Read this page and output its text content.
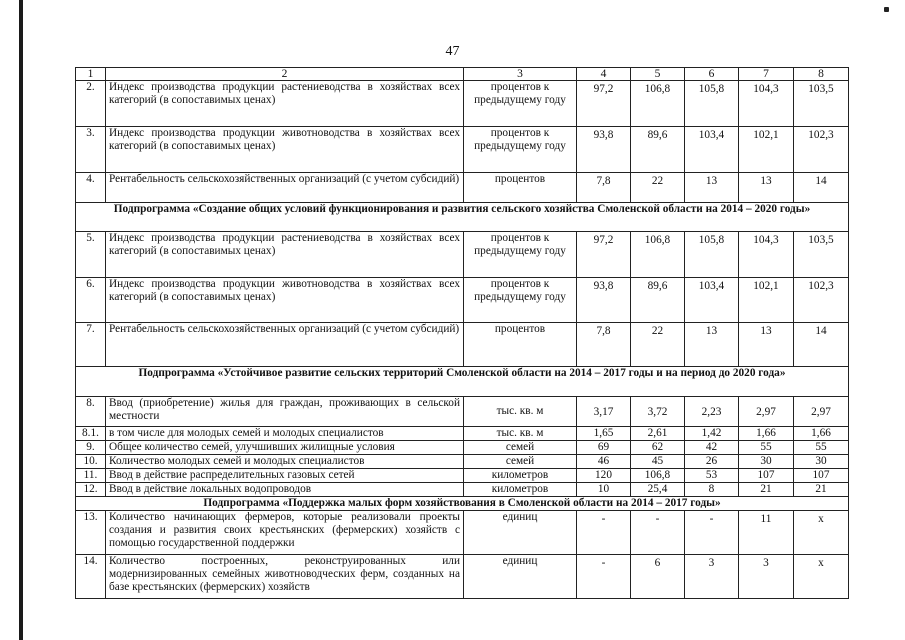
47
1	2	3	4	5	6	7	8
2.	Индекс производства продукции растениеводства в хозяйствах всех категорий (в сопоставимых ценах)	процентов к предыдущему году	97,2	106,8	105,8	104,3	103,5
3.	Индекс производства продукции животноводства в хозяйствах всех категорий (в сопоставимых ценах)	процентов к предыдущему году	93,8	89,6	103,4	102,1	102,3
4.	Рентабельность сельскохозяйственных организаций (с учетом субсидий)	процентов	7,8	22	13	13	14
Подпрограмма «Создание общих условий функционирования и развития сельского хозяйства Смоленской области на 2014 – 2020 годы»							
5.	Индекс производства продукции растениеводства в хозяйствах всех категорий (в сопоставимых ценах)	процентов к предыдущему году	97,2	106,8	105,8	104,3	103,5
6.	Индекс производства продукции животноводства в хозяйствах всех категорий (в сопоставимых ценах)	процентов к предыдущему году	93,8	89,6	103,4	102,1	102,3
7.	Рентабельность сельскохозяйственных организаций (с учетом субсидий)	процентов	7,8	22	13	13	14
Подпрограмма «Устойчивое развитие сельских территорий Смоленской области на 2014 – 2017 годы и на период до 2020 года»							
8.	Ввод (приобретение) жилья для граждан, проживающих в сельской местности	тыс. кв. м	3,17	3,72	2,23	2,97	2,97
8.1.	в том числе для молодых семей и молодых специалистов	тыс. кв. м	1,65	2,61	1,42	1,66	1,66
9.	Общее количество семей, улучшивших жилищные условия	семей	69	62	42	55	55
10.	Количество молодых семей и молодых специалистов	семей	46	45	26	30	30
11.	Ввод в действие распределительных газовых сетей	километров	120	106,8	53	107	107
12.	Ввод в действие локальных водопроводов	километров	10	25,4	8	21	21
Подпрограмма «Поддержка малых форм хозяйствования в Смоленской области на 2014 – 2017 годы»							
13.	Количество начинающих фермеров, которые реализовали проекты создания и развития своих крестьянских (фермерских) хозяйств с помощью государственной поддержки	единиц	-	-	-	11	х
14.	Количество построенных, реконструированных или модернизированных семейных животноводческих ферм, созданных на базе крестьянских (фермерских) хозяйств	единиц	-	6	3	3	х
